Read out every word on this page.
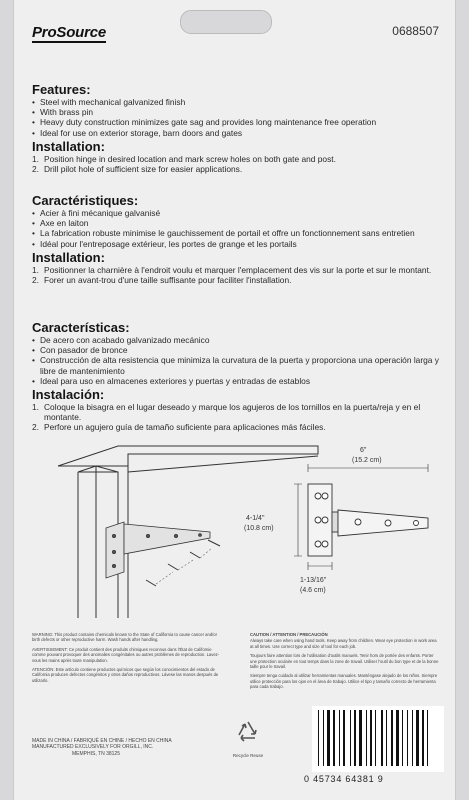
ProSource	0688507
Features:
• Steel with mechanical galvanized finish
• With brass pin
• Heavy duty construction minimizes gate sag and provides long maintenance free operation
• Ideal for use on exterior storage, barn doors and gates
Installation:
1. Position hinge in desired location and mark screw holes on both gate and post.
2. Drill pilot hole of sufficient size for easier applications.
Caractéristiques:
• Acier à fini mécanique galvanisé
• Axe en laiton
• La fabrication robuste minimise le gauchissement de portail et offre un fonctionnement sans entretien
• Idéal pour l'entreposage extérieur, les portes de grange et les portails
Installation:
1. Positionner la charnière à l'endroit voulu et marquer l'emplacement des vis sur la porte et sur le montant.
2. Forer un avant-trou d'une taille suffisante pour faciliter l'installation.
Características:
• De acero con acabado galvanizado mecánico
• Con pasador de bronce
• Construcción de alta resistencia que minimiza la curvatura de la puerta y proporciona una operación larga y libre de mantenimiento
• Ideal para uso en almacenes exteriores y puertas y entradas de establos
Instalación:
1. Coloque la bisagra en el lugar deseado y marque los agujeros de los tornillos en la puerta/reja y en el montante.
2. Perfore un agujero guía de tamaño suficiente para aplicaciones más fáciles.
6"
(15.2 cm)
4-1/4"
(10.8 cm)
1-13/16"
(4.6 cm)

WARNING: This product contains chemicals known to the State of California to cause cancer and/or birth defects or other reproductive harm. Wash hands after handling.

AVERTISSEMENT: Ce produit contient des produits chimiques reconnus dans l'État de Californie comme pouvant provoquer des anomalies congénitales ou autres problèmes de reproduction. Lavez-vous les mains après toute manipulation.

ATENCIÓN: Este artículo contiene productos químicos que según los conocimientos del estado de California producen defectos congénitos y otros daños reproductivos. Lávese las manos después de utilizarlo.

CAUTION / ATTENTION / PRECAUCIÓN

Always take care when using hand tools. Keep away from children. Wear eye protection in work area at all times. Use correct type and size of tool for each job.

Toujours faire attention lors de l'utilisation d'outils manuels. Tenir hors de portée des enfants. Porter une protection oculaire en tout temps dans la zone de travail. Utiliser l'outil du bon type et de la bonne taille pour le travail.

Siempre tenga cuidado al utilizar herramientas manuales. Manténgase alejado de los niños. Siempre utilice protección para los ojos en el área de trabajo. Utilice el tipo y tamaño correcto de herramienta para cada trabajo.

MADE IN CHINA / FABRIQUÉ EN CHINE / HECHO EN CHINA
MANUFACTURED EXCLUSIVELY FOR ORGILL, INC.
MEMPHIS, TN 38125	Recycle Reuse
0 45734 64381 9
